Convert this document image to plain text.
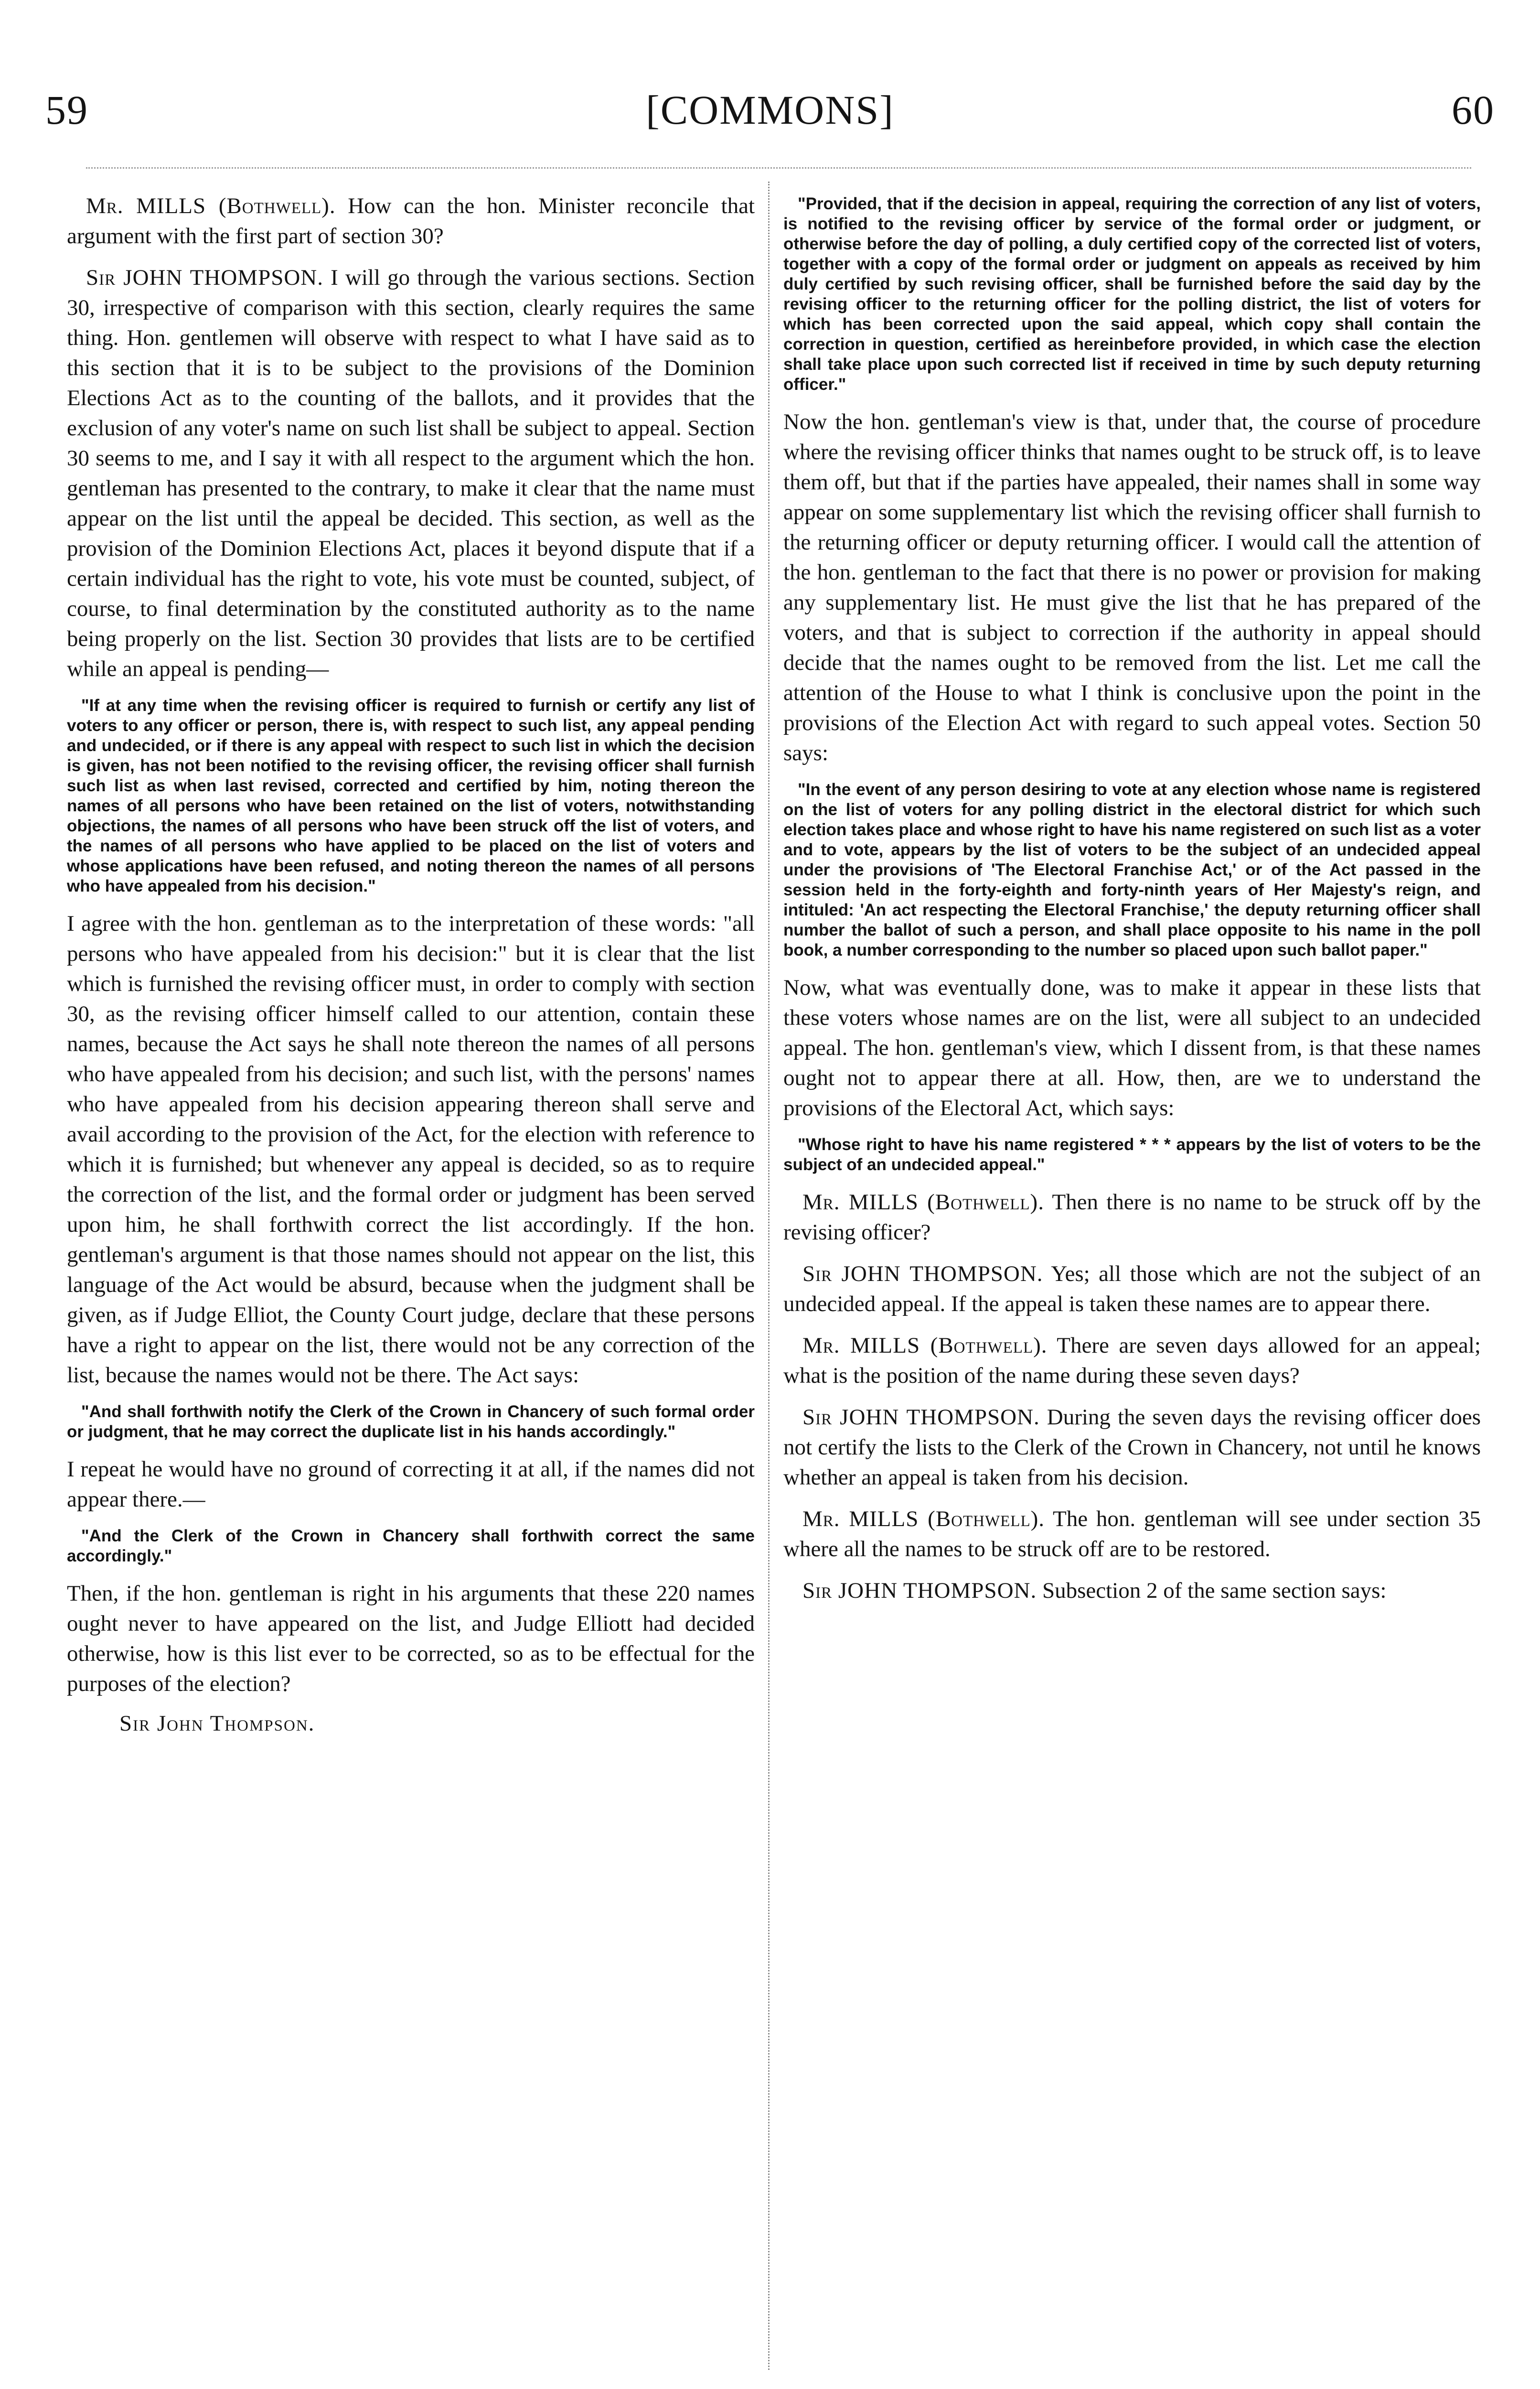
59	[COMMONS]	60

Mr. MILLS (Bothwell). How can the hon. Minister reconcile that argument with the first part of section 30?

Sir JOHN THOMPSON. I will go through the various sections. Section 30, irrespective of comparison with this section, clearly requires the same thing. Hon. gentlemen will observe with respect to what I have said as to this section that it is to be subject to the provisions of the Dominion Elections Act as to the counting of the ballots, and it provides that the exclusion of any voter's name on such list shall be subject to appeal. Section 30 seems to me, and I say it with all respect to the argument which the hon. gentleman has presented to the contrary, to make it clear that the name must appear on the list until the appeal be decided. This section, as well as the provision of the Dominion Elections Act, places it beyond dispute that if a certain individual has the right to vote, his vote must be counted, subject, of course, to final determination by the constituted authority as to the name being properly on the list. Section 30 provides that lists are to be certified while an appeal is pending—

"If at any time when the revising officer is required to furnish or certify any list of voters to any officer or person, there is, with respect to such list, any appeal pending and undecided, or if there is any appeal with respect to such list in which the decision is given, has not been notified to the revising officer, the revising officer shall furnish such list as when last revised, corrected and certified by him, noting thereon the names of all persons who have been retained on the list of voters, notwithstanding objections, the names of all persons who have been struck off the list of voters, and the names of all persons who have applied to be placed on the list of voters and whose applications have been refused, and noting thereon the names of all persons who have appealed from his decision."

I agree with the hon. gentleman as to the interpretation of these words: "all persons who have appealed from his decision:" but it is clear that the list which is furnished the revising officer must, in order to comply with section 30, as the revising officer himself called to our attention, contain these names, because the Act says he shall note thereon the names of all persons who have appealed from his decision; and such list, with the persons' names who have appealed from his decision appearing thereon shall serve and avail according to the provision of the Act, for the election with reference to which it is furnished; but whenever any appeal is decided, so as to require the correction of the list, and the formal order or judgment has been served upon him, he shall forthwith correct the list accordingly. If the hon. gentleman's argument is that those names should not appear on the list, this language of the Act would be absurd, because when the judgment shall be given, as if Judge Elliot, the County Court judge, declare that these persons have a right to appear on the list, there would not be any correction of the list, because the names would not be there. The Act says:

"And shall forthwith notify the Clerk of the Crown in Chancery of such formal order or judgment, that he may correct the duplicate list in his hands accordingly."

I repeat he would have no ground of correcting it at all, if the names did not appear there.—

"And the Clerk of the Crown in Chancery shall forthwith correct the same accordingly."

Then, if the hon. gentleman is right in his arguments that these 220 names ought never to have appeared on the list, and Judge Elliott had decided otherwise, how is this list ever to be corrected, so as to be effectual for the purposes of the election?

Sir John Thompson.

"Provided, that if the decision in appeal, requiring the correction of any list of voters, is notified to the revising officer by service of the formal order or judgment, or otherwise before the day of polling, a duly certified copy of the corrected list of voters, together with a copy of the formal order or judgment on appeals as received by him duly certified by such revising officer, shall be furnished before the said day by the revising officer to the returning officer for the polling district, the list of voters for which has been corrected upon the said appeal, which copy shall contain the correction in question, certified as hereinbefore provided, in which case the election shall take place upon such corrected list if received in time by such deputy returning officer."

Now the hon. gentleman's view is that, under that, the course of procedure where the revising officer thinks that names ought to be struck off, is to leave them off, but that if the parties have appealed, their names shall in some way appear on some supplementary list which the revising officer shall furnish to the returning officer or deputy returning officer. I would call the attention of the hon. gentleman to the fact that there is no power or provision for making any supplementary list. He must give the list that he has prepared of the voters, and that is subject to correction if the authority in appeal should decide that the names ought to be removed from the list. Let me call the attention of the House to what I think is conclusive upon the point in the provisions of the Election Act with regard to such appeal votes. Section 50 says:

"In the event of any person desiring to vote at any election whose name is registered on the list of voters for any polling district in the electoral district for which such election takes place and whose right to have his name registered on such list as a voter and to vote, appears by the list of voters to be the subject of an undecided appeal under the provisions of 'The Electoral Franchise Act,' or of the Act passed in the session held in the forty-eighth and forty-ninth years of Her Majesty's reign, and intituled: 'An act respecting the Electoral Franchise,' the deputy returning officer shall number the ballot of such a person, and shall place opposite to his name in the poll book, a number corresponding to the number so placed upon such ballot paper."

Now, what was eventually done, was to make it appear in these lists that these voters whose names are on the list, were all subject to an undecided appeal. The hon. gentleman's view, which I dissent from, is that these names ought not to appear there at all. How, then, are we to understand the provisions of the Electoral Act, which says:

"Whose right to have his name registered * * * appears by the list of voters to be the subject of an undecided appeal."

Mr. MILLS (Bothwell). Then there is no name to be struck off by the revising officer?

Sir JOHN THOMPSON. Yes; all those which are not the subject of an undecided appeal. If the appeal is taken these names are to appear there.

Mr. MILLS (Bothwell). There are seven days allowed for an appeal; what is the position of the name during these seven days?

Sir JOHN THOMPSON. During the seven days the revising officer does not certify the lists to the Clerk of the Crown in Chancery, not until he knows whether an appeal is taken from his decision.

Mr. MILLS (Bothwell). The hon. gentleman will see under section 35 where all the names to be struck off are to be restored.

Sir JOHN THOMPSON. Subsection 2 of the same section says:
